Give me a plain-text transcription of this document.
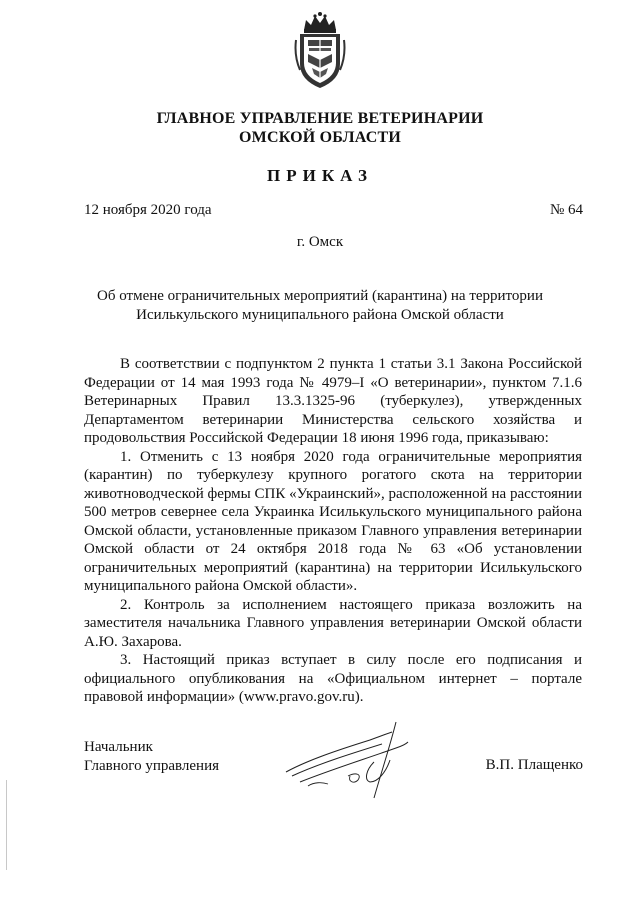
ГЛАВНОЕ УПРАВЛЕНИЕ ВЕТЕРИНАРИИ
ОМСКОЙ ОБЛАСТИ
ПРИКАЗ
12 ноября 2020 года	№ 64
г. Омск
Об отмене ограничительных мероприятий (карантина) на территории
Исилькульского муниципального района Омской области

В соответствии с подпунктом 2 пункта 1 статьи 3.1 Закона Российской Федерации от 14 мая 1993 года № 4979–I «О ветеринарии», пунктом 7.1.6 Ветеринарных Правил 13.3.1325-96 (туберкулез), утвержденных Департаментом ветеринарии Министерства сельского хозяйства и продовольствия Российской Федерации 18 июня 1996 года, приказываю:

1. Отменить с 13 ноября 2020 года ограничительные мероприятия (карантин) по туберкулезу крупного рогатого скота на территории животноводческой фермы СПК «Украинский», расположенной на расстоянии 500 метров севернее села Украинка Исилькульского муниципального района Омской области, установленные приказом Главного управления ветеринарии Омской области от 24 октября 2018 года № 63 «Об установлении ограничительных мероприятий (карантина) на территории Исилькульского муниципального района Омской области».

2. Контроль за исполнением настоящего приказа возложить на заместителя начальника Главного управления ветеринарии Омской области А.Ю. Захарова.

3. Настоящий приказ вступает в силу после его подписания и официального опубликования на «Официальном интернет – портале правовой информации» (www.pravo.gov.ru).

Начальник
Главного управления	В.П. Плащенко
